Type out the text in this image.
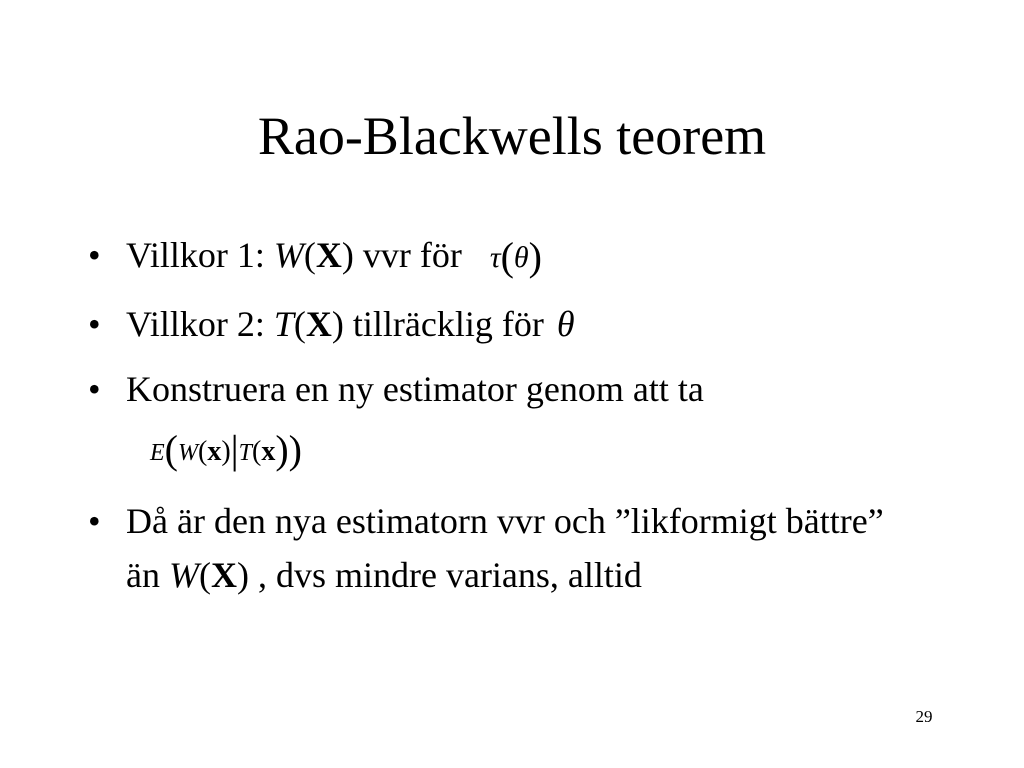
Rao-Blackwells teorem
• Villkor 1: W(X) vvr för τ(θ)
• Villkor 2: T(X) tillräcklig för θ
• Konstruera en ny estimator genom att ta
E(W(x)|T(x))
• Då är den nya estimatorn vvr och ”likformigt bättre” än W(X) , dvs mindre varians, alltid
29
